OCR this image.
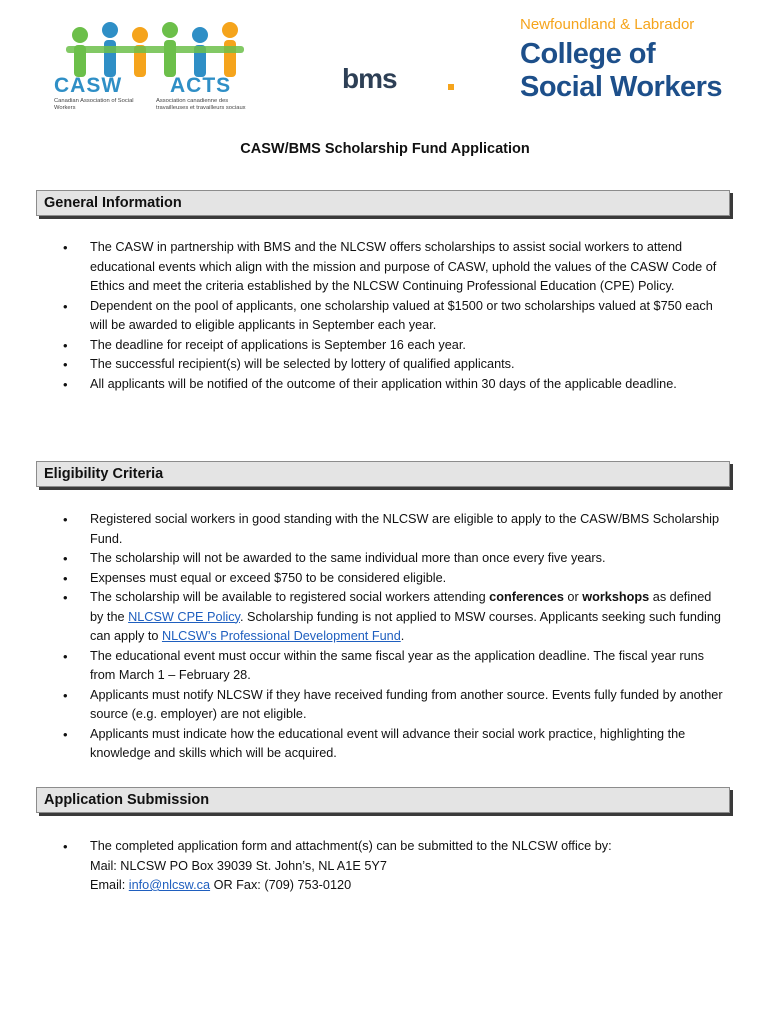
CASW ACTS
Canadian Association of Social Workers
Association canadienne des travailleuses et travailleurs sociaux
bms
Newfoundland & Labrador
College of
Social Workers
CASW/BMS Scholarship Fund Application
General Information
• The CASW in partnership with BMS and the NLCSW offers scholarships to assist social workers to attend educational events which align with the mission and purpose of CASW, uphold the values of the CASW Code of Ethics and meet the criteria established by the NLCSW Continuing Professional Education (CPE) Policy.
• Dependent on the pool of applicants, one scholarship valued at $1500 or two scholarships valued at $750 each will be awarded to eligible applicants in September each year.
• The deadline for receipt of applications is September 16 each year.
• The successful recipient(s) will be selected by lottery of qualified applicants.
• All applicants will be notified of the outcome of their application within 30 days of the applicable deadline.
Eligibility Criteria
• Registered social workers in good standing with the NLCSW are eligible to apply to the CASW/BMS Scholarship Fund.
• The scholarship will not be awarded to the same individual more than once every five years.
• Expenses must equal or exceed $750 to be considered eligible.
• The scholarship will be available to registered social workers attending conferences or workshops as defined by the NLCSW CPE Policy. Scholarship funding is not applied to MSW courses. Applicants seeking such funding can apply to NLCSW’s Professional Development Fund.
• The educational event must occur within the same fiscal year as the application deadline. The fiscal year runs from March 1 – February 28.
• Applicants must notify NLCSW if they have received funding from another source. Events fully funded by another source (e.g. employer) are not eligible.
• Applicants must indicate how the educational event will advance their social work practice, highlighting the knowledge and skills which will be acquired.
Application Submission
• The completed application form and attachment(s) can be submitted to the NLCSW office by:
Mail: NLCSW PO Box 39039 St. John’s, NL A1E 5Y7
Email: info@nlcsw.ca OR Fax: (709) 753-0120
